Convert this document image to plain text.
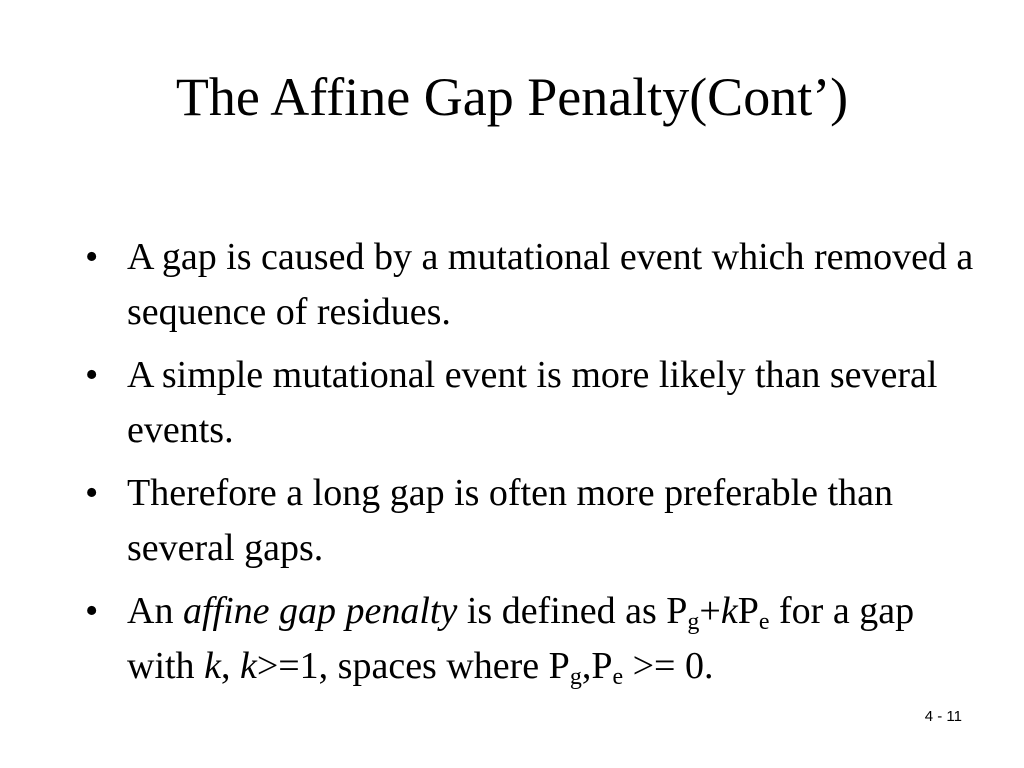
The Affine Gap Penalty(Cont’)
• A gap is caused by a mutational event which removed a sequence of residues.
• A simple mutational event is more likely than several events.
• Therefore a long gap is often more preferable than several gaps.
• An affine gap penalty is defined as $P_g+kP_e$ for a gap with k, k>=1, spaces where $P_g,P_e >= 0$.
4 - 11
